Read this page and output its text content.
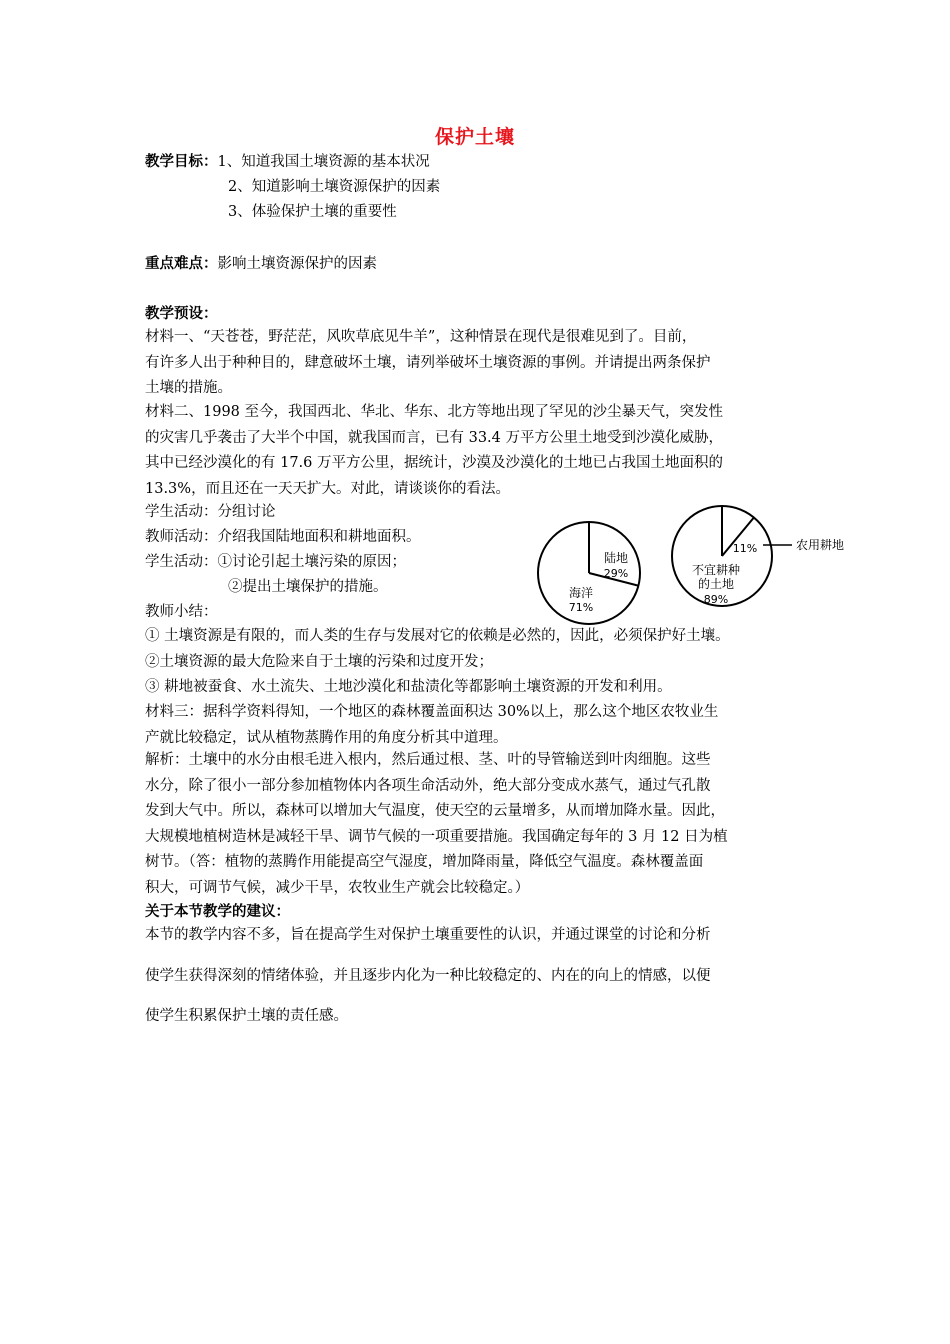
保护土壤
教学目标：1、知道我国土壤资源的基本状况
2、知道影响土壤资源保护的因素
3、体验保护土壤的重要性
重点难点：影响土壤资源保护的因素
教学预设：
材料一、“天苍苍，野茫茫，风吹草底见牛羊”，这种情景在现代是很难见到了。目前，
有许多人出于种种目的，肆意破坏土壤，请列举破坏土壤资源的事例。并请提出两条保护
土壤的措施。
材料二、1998 至今，我国西北、华北、华东、北方等地出现了罕见的沙尘暴天气，突发性
的灾害几乎袭击了大半个中国，就我国而言，已有 33.4 万平方公里土地受到沙漠化威胁，
其中已经沙漠化的有 17.6 万平方公里，据统计，沙漠及沙漠化的土地已占我国土地面积的
13.3%，而且还在一天天扩大。对此，请谈谈你的看法。
学生活动：分组讨论
教师活动：介绍我国陆地面积和耕地面积。
学生活动：①讨论引起土壤污染的原因；
②提出土壤保护的措施。
教师小结：
陆地
29%
海洋
71%
11%
不宜耕种
的土地
89%
农用耕地
① 土壤资源是有限的，而人类的生存与发展对它的依赖是必然的，因此，必须保护好土壤。
②土壤资源的最大危险来自于土壤的污染和过度开发；
③ 耕地被蚕食、水土流失、土地沙漠化和盐渍化等都影响土壤资源的开发和利用。
材料三：据科学资料得知，一个地区的森林覆盖面积达 30%以上，那么这个地区农牧业生
产就比较稳定，试从植物蒸腾作用的角度分析其中道理。
解析：土壤中的水分由根毛进入根内，然后通过根、茎、叶的导管输送到叶肉细胞。这些
水分，除了很小一部分参加植物体内各项生命活动外，绝大部分变成水蒸气，通过气孔散
发到大气中。所以，森林可以增加大气温度，使天空的云量增多，从而增加降水量。因此，
大规模地植树造林是减轻干旱、调节气候的一项重要措施。我国确定每年的 3 月 12 日为植
树节。（答：植物的蒸腾作用能提高空气湿度，增加降雨量，降低空气温度。森林覆盖面
积大，可调节气候，减少干旱，农牧业生产就会比较稳定。）
关于本节教学的建议：
本节的教学内容不多，旨在提高学生对保护土壤重要性的认识，并通过课堂的讨论和分析
使学生获得深刻的情绪体验，并且逐步内化为一种比较稳定的、内在的向上的情感，以便
使学生积累保护土壤的责任感。
